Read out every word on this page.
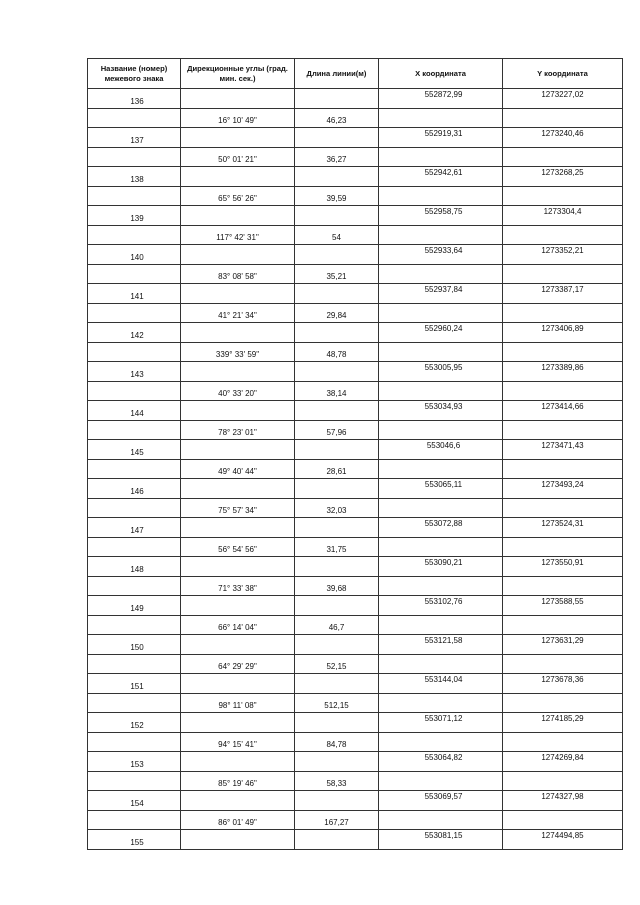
Название (номер) межевого знака	Дирекционные углы (град. мин. сек.)	Длина линии(м)	X координата	Y координата
136			552872,99	1273227,02
	16° 10' 49"	46,23		
137			552919,31	1273240,46
	50° 01' 21"	36,27		
138			552942,61	1273268,25
	65° 56' 26"	39,59		
139			552958,75	1273304,4
	117° 42' 31"	54		
140			552933,64	1273352,21
	83° 08' 58"	35,21		
141			552937,84	1273387,17
	41° 21' 34"	29,84		
142			552960,24	1273406,89
	339° 33' 59"	48,78		
143			553005,95	1273389,86
	40° 33' 20"	38,14		
144			553034,93	1273414,66
	78° 23' 01"	57,96		
145			553046,6	1273471,43
	49° 40' 44"	28,61		
146			553065,11	1273493,24
	75° 57' 34"	32,03		
147			553072,88	1273524,31
	56° 54' 56"	31,75		
148			553090,21	1273550,91
	71° 33' 38"	39,68		
149			553102,76	1273588,55
	66° 14' 04"	46,7		
150			553121,58	1273631,29
	64° 29' 29"	52,15		
151			553144,04	1273678,36
	98° 11' 08"	512,15		
152			553071,12	1274185,29
	94° 15' 41"	84,78		
153			553064,82	1274269,84
	85° 19' 46"	58,33		
154			553069,57	1274327,98
	86° 01' 49"	167,27		
155			553081,15	1274494,85
